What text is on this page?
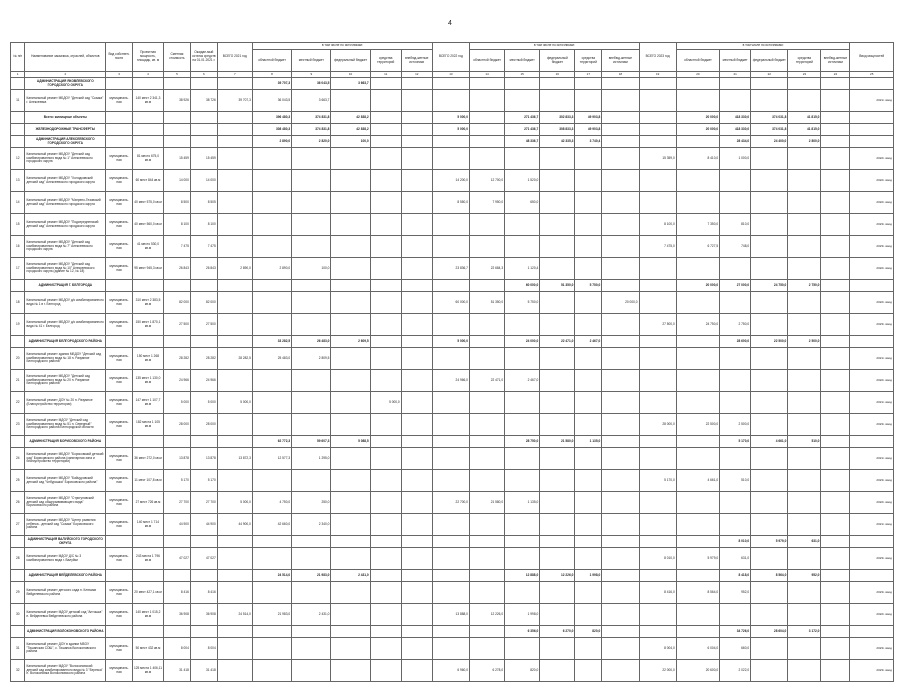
4
№ п/п	Наименование заказчика, отраслей, объектов	Вид собствен-ности	Проектная мощность, площадь, кв. м	Сметная стоимость	Ожидае-мый остаток средств на 01.01.2021 г.	ВСЕГО 2021 год	в том числе по источникам:					ВСЕГО 2022 год	в том числе по источникам:					ВСЕГО 2023 год	в том числе по источникам:					Ввод мощностей
							областной бюджет	местный бюджет	федеральный бюджет	средства территорий	внебюд-жетные источники		областной бюджет	местный бюджет	федеральный бюджет	средства территорий	внебюд-жетные источники		областной бюджет	местный бюджет	федеральный бюджет	средства территорий	внебюд-жетные источники	
1	2	3	4	5	6	7	8	9	10	11	12	13	14	15	16	17	18	19	20	21	22	23	24	25
	АДМИНИСТРАЦИЯ ЯКОВЛЕВСКОГО ГОРОДСКОГО ОКРУГА						39 707,3	36 043,5	3 663,7															
11	Капитальный ремонт МБДОУ "Детский сад "Сказка" г. Алексеевка	муниципаль-ная	140 мест 2 341,3 кв.м	38 926	38 726	39 707,3	36 043,5	3 663,7																2021г. ввод
	Всего: жилищные объекты						396 480,3	374 831,8	42 838,2			5 000,0		271 436,7	302 833,3	49 903,8			20 000,0	418 330,0	374 031,8	41 815,0		
	ЖЕЛЕЗНОДОРОЖНЫЕ ТРАНСФЕРТЫ						308 480,3	374 831,8	42 838,2			5 000,0		271 436,7	308 833,3	49 903,8			20 000,0	418 330,0	374 031,8	41 815,0		
	АДМИНИСТРАЦИЯ АЛЕКСЕЕВСКОГО ГОРОДСКОГО ОКРУГА						2 890,0	2 820,0	100,0					48 336,7	42 335,3	3 740,4				28 434,0	24 400,0	2 800,0		
12	Капитальный ремонт МБДОУ "Детский сад комбинированного вида № 1" Алексеевского городского округа	муниципаль-ная	81 место 675,0 кв.м	15 459	15 459													15 359,0	8 410,0	1 000,0				2022г. ввод
13	Капитальный ремонт МБДОУ "Холодковский детский сад" Алексеевского городского округа	муниципаль-ная	60 мест 844 кв.м	14 000	14 000							14 200,0	12 700,0	1 520,0										2022г. ввод
14	Капитальный ремонт МБДОУ "Матрено-Гезовский детский сад" Алексеевского городского округа	муниципаль-ная	40 мест 575,0 кв.м	8 500	8 505							8 550,0	7 950,0	650,0										2022г. ввод
15	Капитальный ремонт МБДОУ "Подсередненский детский сад" Алексеевского городского округа	муниципаль-ная	40 мест 560,0 кв.м	8 100	8 100													8 100,0	7 350,0	810,0				2023г. ввод
16	Капитальный ремонт МБДОУ "Детский сад комбинированного вида № 7" Алексеевского городского округа	муниципаль-ная	41 место 530,0 кв.м	7 475	7 475													7 475,0	6 727,5	748,0				2023г. ввод
17	Капитальный ремонт МБДОУ "Детский сад комбинированного вида № 10" Алексеевского городского округа (здание № 12, № 18)	муниципаль-ная	95 мест 945,3 кв.м	26 843	26 843	2 890,0	2 890,0	100,0				23 836,7	22 684,3	1 120,4										2022г. ввод
	АДМИНИСТРАЦИЯ Г. БЕЛГОРОДА													60 000,0	51 350,0	5 750,0			20 000,0	27 000,0	24 750,0	2 750,0		
18	Капитальный ремонт МБДОУ д/с комбинированного вида № 1 в г. Белгород	муниципаль-ная	310 мест 2 383,5 кв.м	82 000	82 000							60 000,0	51 350,0	5 750,0			20 000,0							2022г. ввод
19	Капитальный ремонт МБДОУ д/с комбинированного вида № 41 г. Белгород	муниципаль-ная	150 мест 1 870,1 кв.м	27 500	27 500													27 500,0	24 750,0	2 750,0				2023г. ввод
	АДМИНИСТРАЦИЯ БЕЛГОРОДСКОГО РАЙОНА						33 282,5	26 483,0	2 609,5			5 000,0		24 000,0	22 471,0	2 467,0				28 600,0	22 500,0	2 500,0		
20	Капитальный ремонт здания МБДОУ "Детский сад комбинированного вида № 18 п. Разумное Белгородского района"	муниципаль-ная	150 мест 1 268 кв.м	28 282	28 282	28 282,5	25 483,0	2 809,5																2021г. ввод
21	Капитальный ремонт МБДОУ "Детский сад комбинированного вида № 20 п. Разумное Белгородского района"	муниципаль-ная	135 мест 1 130,0 кв.м	24 966	24 966							24 966,0	22 471,0	2 467,0										2022г. ввод
22	Капитальный ремонт ДОУ № 20 п. Разумное (Благоустройство территории)	муниципаль-ная	147 мест 1 107,7 кв.м	5 000	5 000	5 000,0				5 000,0														2021г. ввод
23	Капитальный ремонт МДОУ "Детский сад комбинированного вида № 51 п. Северный" Белгородского района Белгородской области	муниципаль-ная	182 места 1 105 кв.м	28 000	28 000													28 000,0	22 500,0	2 500,0				2023г. ввод
	АДМИНИСТРАЦИЯ БОРИСОВСКОГО РАЙОНА						62 772,3	59 607,3	5 088,5					28 750,0	21 580,0	1 135,0				5 170,0	4 661,0	510,0		
24	Капитальный ремонт МБДОУ "Борисовский детский сад" Борисовского района (санитарная зона и благоустройство территории)	муниципаль-ная	36 мест 272,0 кв.м	13 878	13 878	13 872,3	12 577,3	1 295,0																2021г. ввод
25	Капитальный ремонт МБДОУ "Байцуровский детский сад "Чебурашка" Борисовского района"	муниципаль-ная	11 мест 107,8 кв.м	5 170	5 170													5 170,0	4 661,0	510,0				2023г. ввод
26	Капитальный ремонт МБДОУ "Стригуновский детский сад общеразвивающего вида" Борисовского района	муниципаль-ная	27 мест 726 кв.м	27 700	27 700	5 000,0	4 750,0	250,0				22 700,0	21 580,0	1 135,0										2022г. ввод
27	Капитальный ремонт МБДОУ "Центр развития ребенка - детский сад "Сказка" Борисовского района	муниципаль-ная	140 мест 1 714 кв.м	44 900	44 900	44 900,0	42 660,0	2 340,0																2021г. ввод
	АДМИНИСТРАЦИЯ ВАЛУЙСКОГО ГОРОДСКОГО ОКРУГА																			8 010,0	5 979,0	631,0		
28	Капитальный ремонт МДОУ Д/С № 3 комбинированного вида г. Валуйки	муниципаль-ная	243 места 1 796 кв.м	47 027	47 027													8 010,0	5 979,0	631,0				2023г. ввод
	АДМИНИСТРАЦИЯ ВЕЙДЕЛЕВСКОГО РАЙОНА						24 514,0	21 983,0	2 431,0					12 888,0	12 226,0	1 998,0				8 418,0	8 564,0	952,0		
29	Капитальный ремонт детского сада п. Ключики Вейделевского района	муниципаль-ная	20 мест 427,1 кв.м	8 416	8 416													8 416,0	8 564,0	952,0				2023г. ввод
30	Капитальный ремонт МДОУ детский сад "Антошка" п. Вейделевка Вейделевского района	муниципаль-ная	140 мест 1 015,2 кв.м	36 908	36 908	24 514,0	21 983,0	2 431,0				13 888,0	12 226,0	1 998,0										2022г. ввод
	АДМИНИСТРАЦИЯ ВОЛОКОНОВСКОГО РАЙОНА													6 356,0	6 270,0	820,0				34 726,0	28 604,0	3 172,0		
31	Капитальный ремонт ДОУ в здании МБОУ "Тишанская СОШ", с. Тишанка Волоконовского района	муниципаль-ная	50 мест 432 кв.м	8 004	8 004													8 004,0	6 004,0	660,0				2023г. ввод
32	Капитальный ремонт МДОУ "Волоконовский детский сад комбинированного вида № 3 "Березка" п. Волоконовка Волоконовского района	муниципаль-ная	125 места 1 406,11 кв.м	31 418	31 418							6 960,0	6 278,0	820,0				22 000,0	20 600,0	2 022,0				2023г. ввод
